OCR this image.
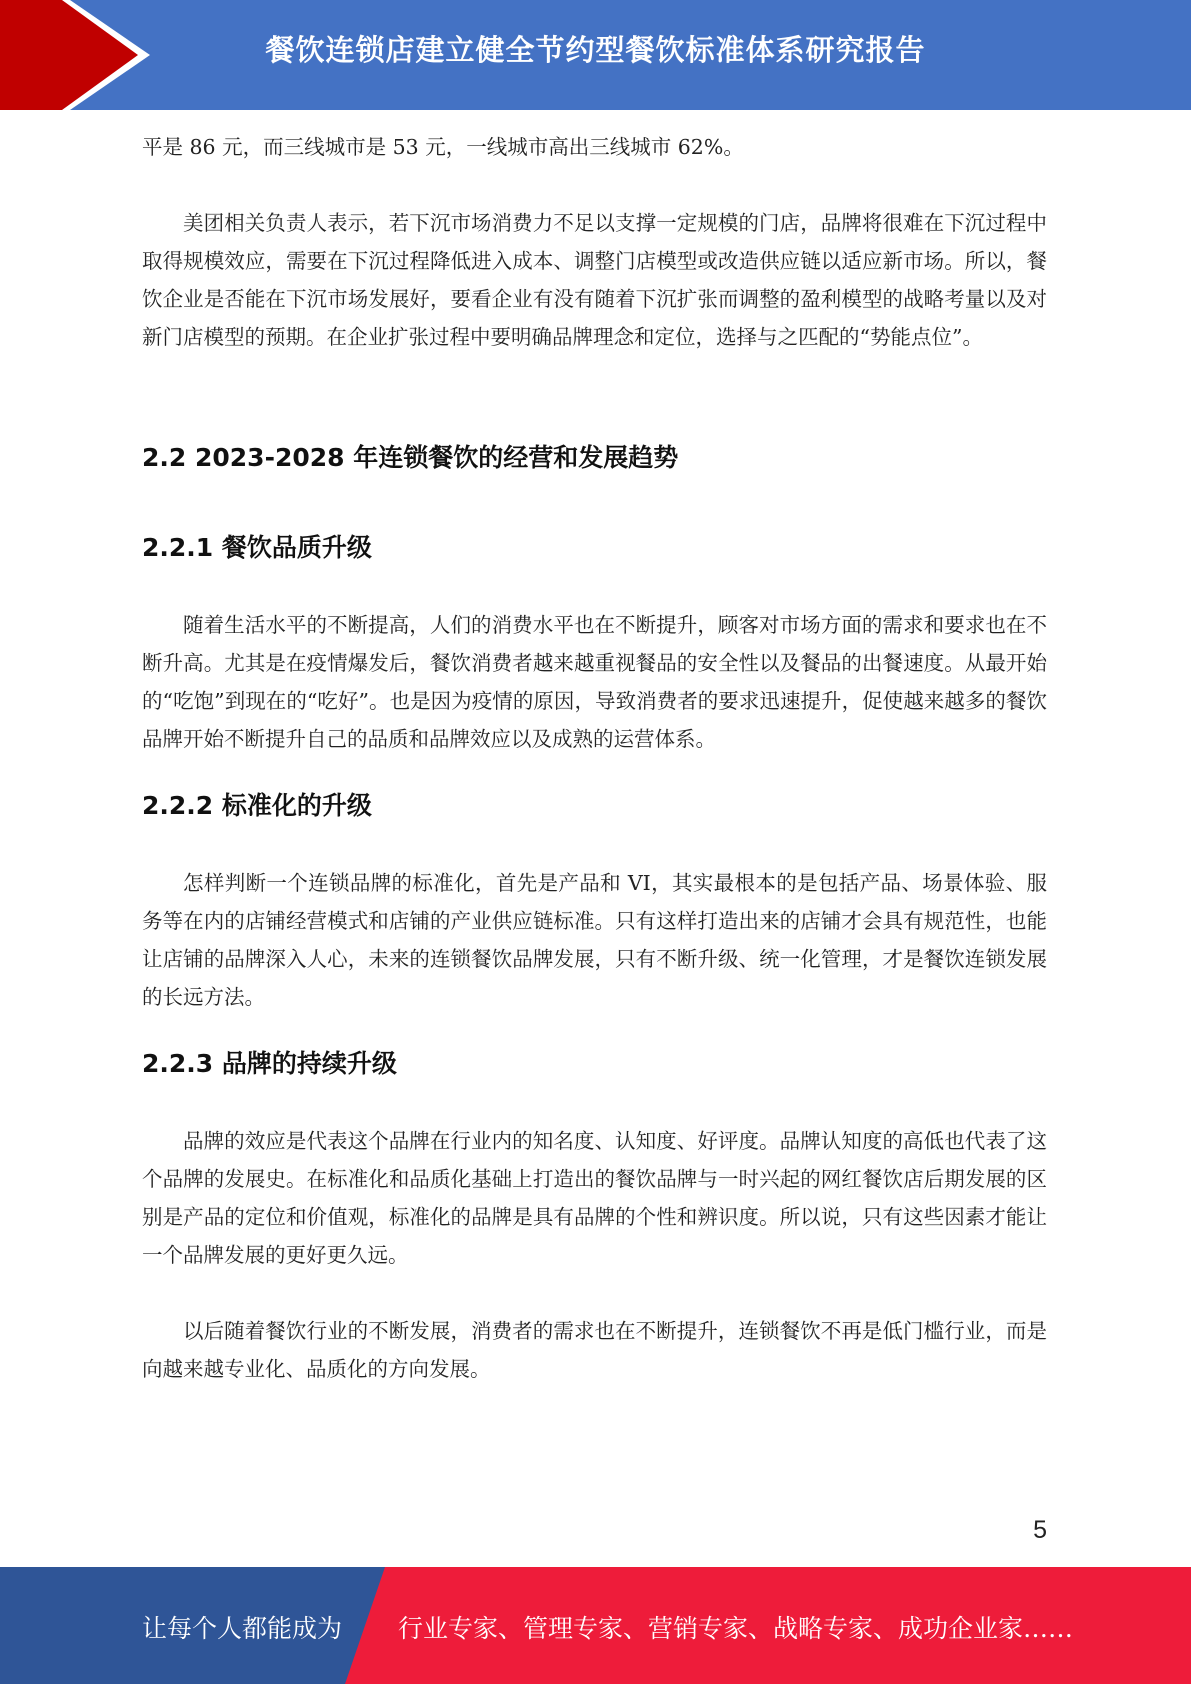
餐饮连锁店建立健全节约型餐饮标准体系研究报告

平是 86 元，而三线城市是 53 元，一线城市高出三线城市 62%。

美团相关负责人表示，若下沉市场消费力不足以支撑一定规模的门店，品牌将很难在下沉过程中取得规模效应，需要在下沉过程降低进入成本、调整门店模型或改造供应链以适应新市场。所以，餐饮企业是否能在下沉市场发展好，要看企业有没有随着下沉扩张而调整的盈利模型的战略考量以及对新门店模型的预期。在企业扩张过程中要明确品牌理念和定位，选择与之匹配的“势能点位”。

2.2 2023-2028 年连锁餐饮的经营和发展趋势
2.2.1 餐饮品质升级

随着生活水平的不断提高，人们的消费水平也在不断提升，顾客对市场方面的需求和要求也在不断升高。尤其是在疫情爆发后，餐饮消费者越来越重视餐品的安全性以及餐品的出餐速度。从最开始的“吃饱”到现在的“吃好”。也是因为疫情的原因，导致消费者的要求迅速提升，促使越来越多的餐饮品牌开始不断提升自己的品质和品牌效应以及成熟的运营体系。

2.2.2 标准化的升级

怎样判断一个连锁品牌的标准化，首先是产品和 VI，其实最根本的是包括产品、场景体验、服务等在内的店铺经营模式和店铺的产业供应链标准。只有这样打造出来的店铺才会具有规范性，也能让店铺的品牌深入人心，未来的连锁餐饮品牌发展，只有不断升级、统一化管理，才是餐饮连锁发展的长远方法。

2.2.3 品牌的持续升级

品牌的效应是代表这个品牌在行业内的知名度、认知度、好评度。品牌认知度的高低也代表了这个品牌的发展史。在标准化和品质化基础上打造出的餐饮品牌与一时兴起的网红餐饮店后期发展的区别是产品的定位和价值观，标准化的品牌是具有品牌的个性和辨识度。所以说，只有这些因素才能让一个品牌发展的更好更久远。

以后随着餐饮行业的不断发展，消费者的需求也在不断提升，连锁餐饮不再是低门槛行业，而是向越来越专业化、品质化的方向发展。

5
让每个人都能成为 行业专家、管理专家、营销专家、战略专家、成功企业家……
